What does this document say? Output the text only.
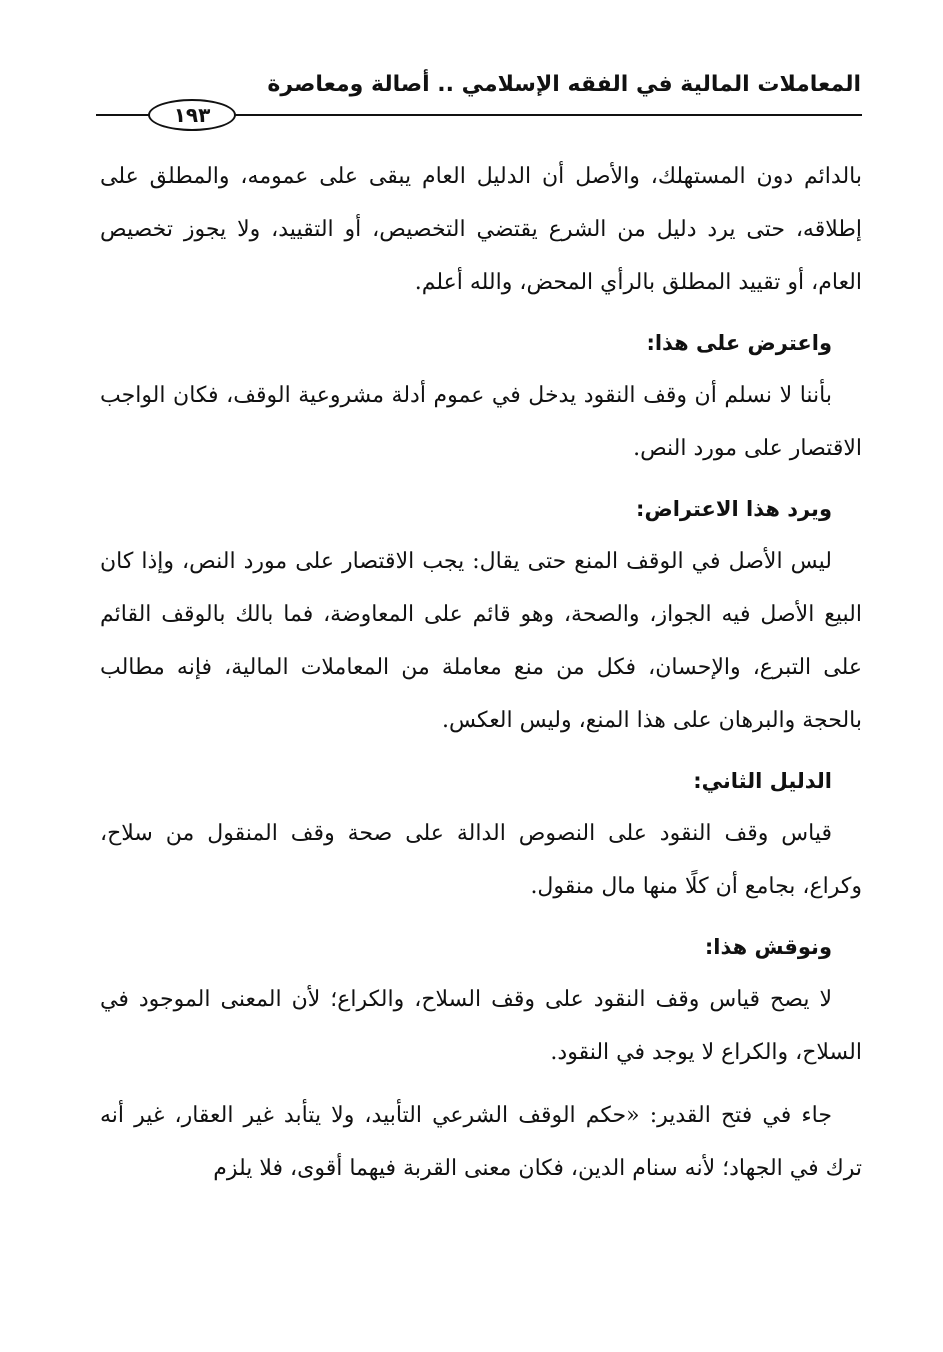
المعاملات المالية في الفقه الإسلامي .. أصالة ومعاصرة
١٩٣

بالدائم دون المستهلك، والأصل أن الدليل العام يبقى على عمومه، والمطلق على إطلاقه، حتى يرد دليل من الشرع يقتضي التخصيص، أو التقييد، ولا يجوز تخصيص العام، أو تقييد المطلق بالرأي المحض، والله أعلم.

واعترض على هذا:

بأننا لا نسلم أن وقف النقود يدخل في عموم أدلة مشروعية الوقف، فكان الواجب الاقتصار على مورد النص.

ويرد هذا الاعتراض:

ليس الأصل في الوقف المنع حتى يقال: يجب الاقتصار على مورد النص، وإذا كان البيع الأصل فيه الجواز، والصحة، وهو قائم على المعاوضة، فما بالك بالوقف القائم على التبرع، والإحسان، فكل من منع معاملة من المعاملات المالية، فإنه مطالب بالحجة والبرهان على هذا المنع، وليس العكس.

الدليل الثاني:

قياس وقف النقود على النصوص الدالة على صحة وقف المنقول من سلاح، وكراع، بجامع أن كلًا منها مال منقول.

ونوقش هذا:

لا يصح قياس وقف النقود على وقف السلاح، والكراع؛ لأن المعنى الموجود في السلاح، والكراع لا يوجد في النقود.

جاء في فتح القدير: «حكم الوقف الشرعي التأبيد، ولا يتأبد غير العقار، غير أنه ترك في الجهاد؛ لأنه سنام الدين، فكان معنى القربة فيهما أقوى، فلا يلزم
